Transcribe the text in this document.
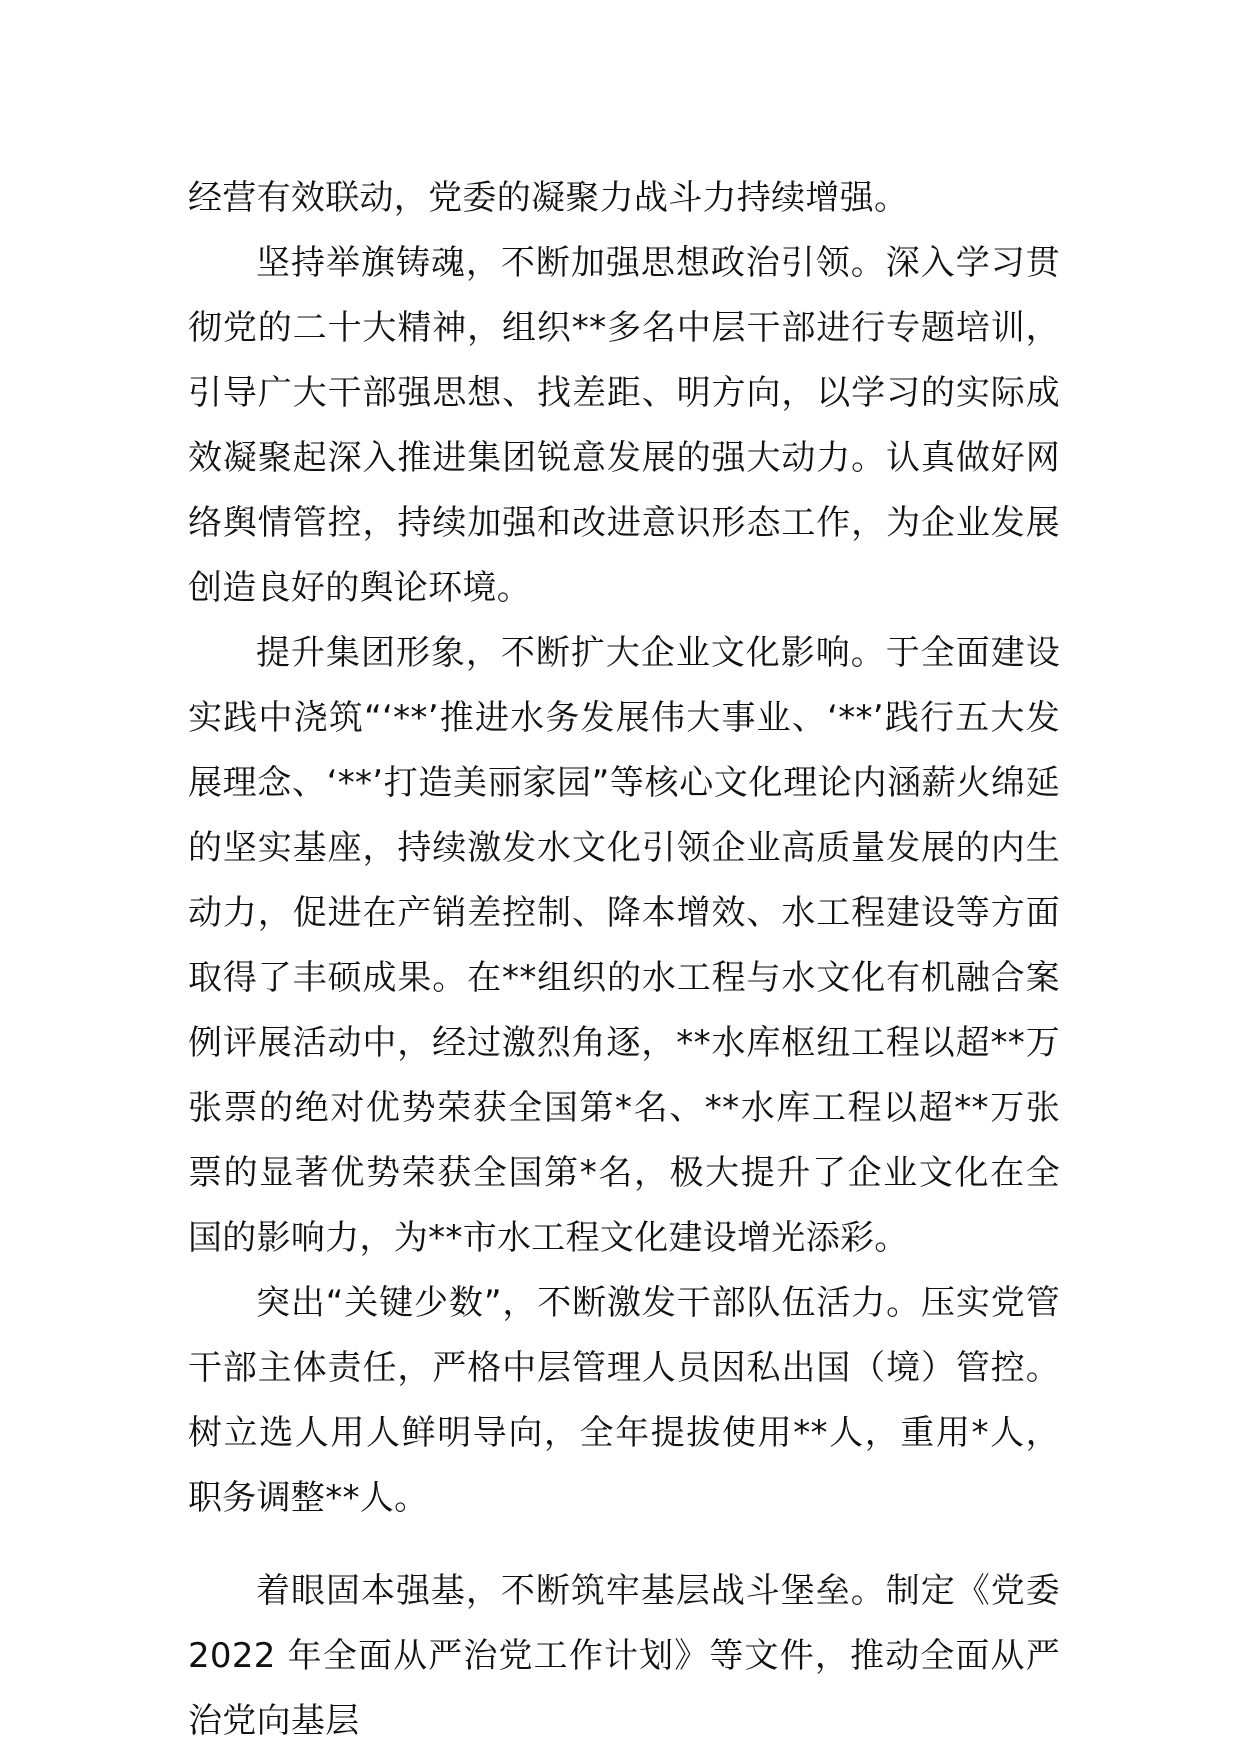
经营有效联动，党委的凝聚力战斗力持续增强。

坚持举旗铸魂，不断加强思想政治引领。深入学习贯彻党的二十大精神，组织**多名中层干部进行专题培训，引导广大干部强思想、找差距、明方向，以学习的实际成效凝聚起深入推进集团锐意发展的强大动力。认真做好网络舆情管控，持续加强和改进意识形态工作，为企业发展创造良好的舆论环境。

提升集团形象，不断扩大企业文化影响。于全面建设实践中浇筑“‘**’推进水务发展伟大事业、‘**’践行五大发展理念、‘**’打造美丽家园”等核心文化理论内涵薪火绵延的坚实基座，持续激发水文化引领企业高质量发展的内生动力，促进在产销差控制、降本增效、水工程建设等方面取得了丰硕成果。在**组织的水工程与水文化有机融合案例评展活动中，经过激烈角逐，**水库枢纽工程以超**万张票的绝对优势荣获全国第*名、**水库工程以超**万张票的显著优势荣获全国第*名，极大提升了企业文化在全国的影响力，为**市水工程文化建设增光添彩。

突出“关键少数”，不断激发干部队伍活力。压实党管干部主体责任，严格中层管理人员因私出国（境）管控。树立选人用人鲜明导向，全年提拔使用**人，重用*人，职务调整**人。

着眼固本强基，不断筑牢基层战斗堡垒。制定《党委 2022 年全面从严治党工作计划》等文件，推动全面从严治党向基层
